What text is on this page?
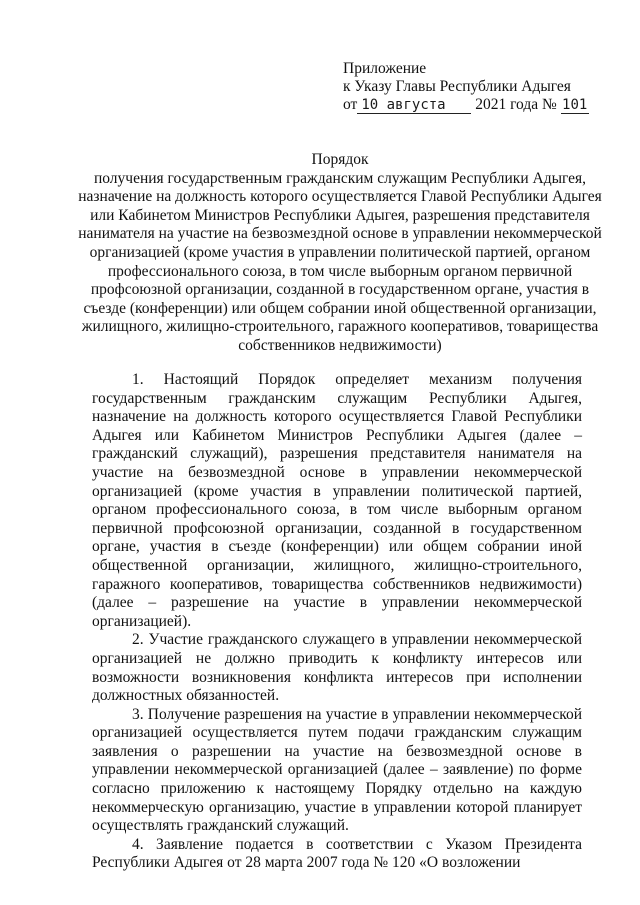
Приложение
к Указу Главы Республики Адыгея
от 10 августа 2021 года № 101
Порядок
получения государственным гражданским служащим Республики Адыгея, назначение на должность которого осуществляется Главой Республики Адыгея или Кабинетом Министров Республики Адыгея, разрешения представителя нанимателя на участие на безвозмездной основе в управлении некоммерческой организацией (кроме участия в управлении политической партией, органом профессионального союза, в том числе выборным органом первичной профсоюзной организации, созданной в государственном органе, участия в съезде (конференции) или общем собрании иной общественной организации, жилищного, жилищно-строительного, гаражного кооперативов, товарищества собственников недвижимости)

1. Настоящий Порядок определяет механизм получения государственным гражданским служащим Республики Адыгея, назначение на должность которого осуществляется Главой Республики Адыгея или Кабинетом Министров Республики Адыгея (далее – гражданский служащий), разрешения представителя нанимателя на участие на безвозмездной основе в управлении некоммерческой организацией (кроме участия в управлении политической партией, органом профессионального союза, в том числе выборным органом первичной профсоюзной организации, созданной в государственном органе, участия в съезде (конференции) или общем собрании иной общественной организации, жилищного, жилищно-строительного, гаражного кооперативов, товарищества собственников недвижимости) (далее – разрешение на участие в управлении некоммерческой организацией).

2. Участие гражданского служащего в управлении некоммерческой организацией не должно приводить к конфликту интересов или возможности возникновения конфликта интересов при исполнении должностных обязанностей.

3. Получение разрешения на участие в управлении некоммерческой организацией осуществляется путем подачи гражданским служащим заявления о разрешении на участие на безвозмездной основе в управлении некоммерческой организацией (далее – заявление) по форме согласно приложению к настоящему Порядку отдельно на каждую некоммерческую организацию, участие в управлении которой планирует осуществлять гражданский служащий.

4. Заявление подается в соответствии с Указом Президента Республики Адыгея от 28 марта 2007 года № 120 «О возложении
